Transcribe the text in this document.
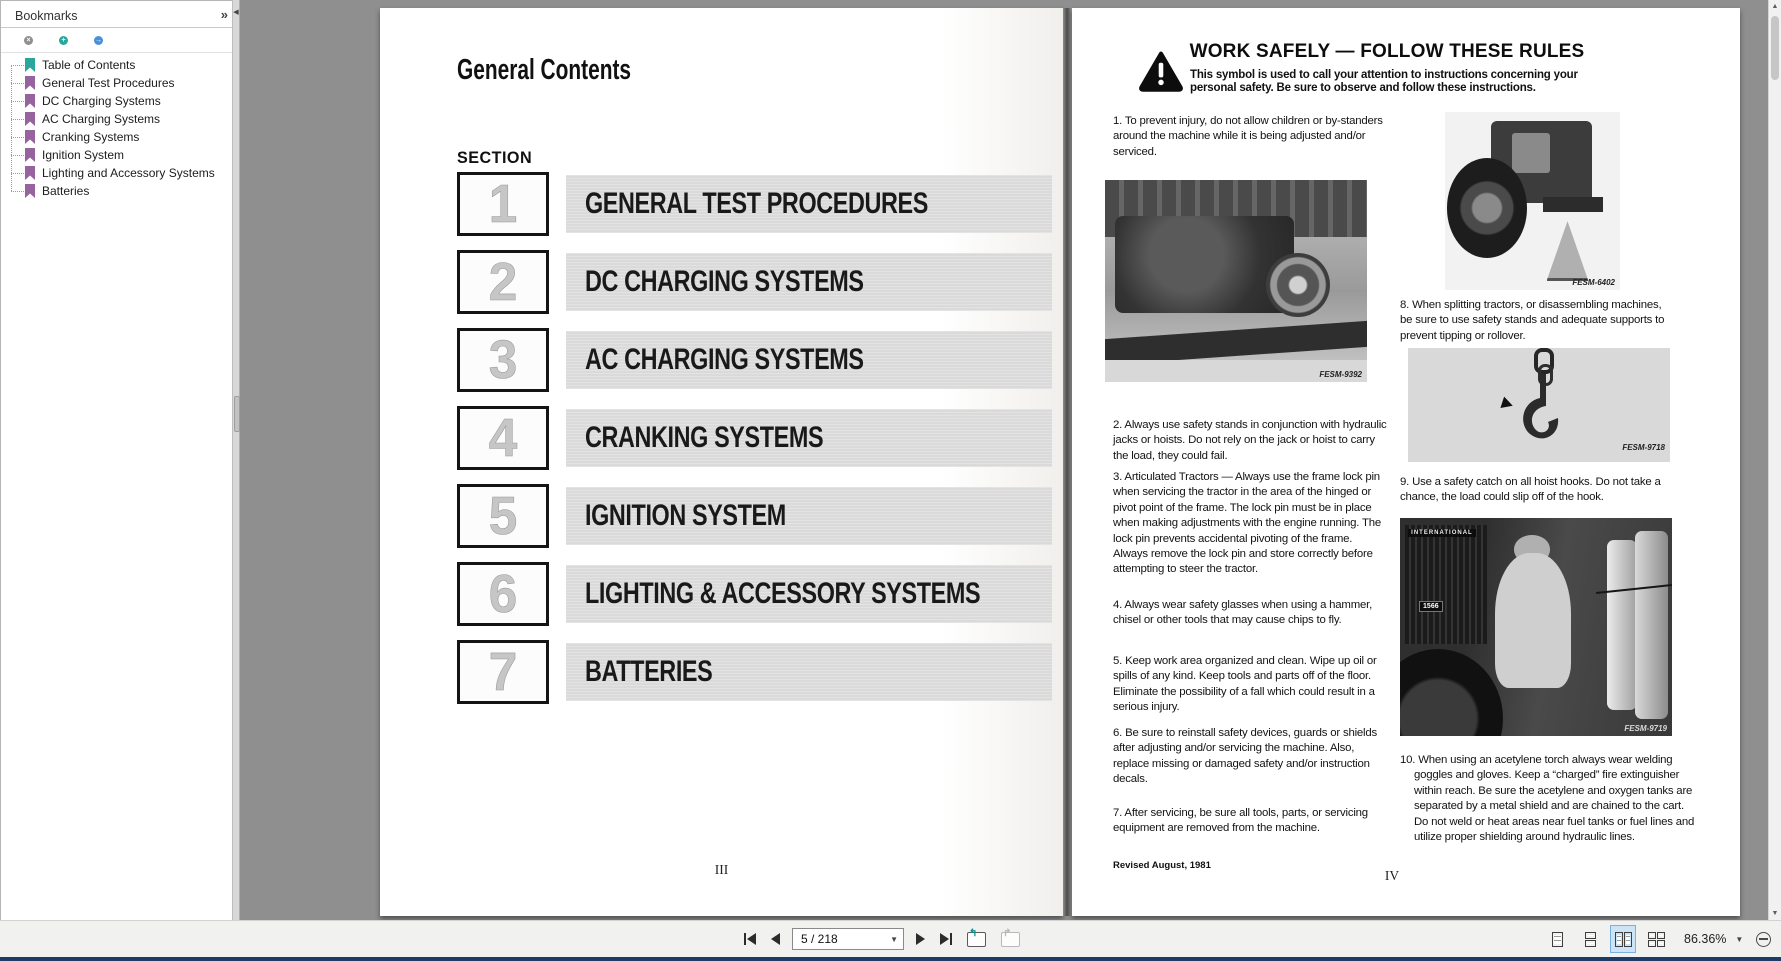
Bookmarks	»
×	+	→
Table of Contents
General Test Procedures
DC Charging Systems
AC Charging Systems
Cranking Systems
Ignition System
Lighting and Accessory Systems
Batteries
◀
General Contents
SECTION
1 GENERAL TEST PROCEDURES
2 DC CHARGING SYSTEMS
3 AC CHARGING SYSTEMS
4 CRANKING SYSTEMS
5 IGNITION SYSTEM
6 LIGHTING & ACCESSORY SYSTEMS
7 BATTERIES
III
WORK SAFELY — FOLLOW THESE RULES
This symbol is used to call your attention to instructions concerning your personal safety. Be sure to observe and follow these instructions.

1. To prevent injury, do not allow children or by-standers around the machine while it is being adjusted and/or serviced.

FESM-9392

2. Always use safety stands in conjunction with hydraulic jacks or hoists. Do not rely on the jack or hoist to carry the load, they could fail.

3. Articulated Tractors — Always use the frame lock pin when servicing the tractor in the area of the hinged or pivot point of the frame. The lock pin must be in place when making adjustments with the engine running. The lock pin prevents accidental pivoting of the frame. Always remove the lock pin and store correctly before attempting to steer the tractor.

4. Always wear safety glasses when using a hammer, chisel or other tools that may cause chips to fly.

5. Keep work area organized and clean. Wipe up oil or spills of any kind. Keep tools and parts off of the floor. Eliminate the possibility of a fall which could result in a serious injury.

6. Be sure to reinstall safety devices, guards or shields after adjusting and/or servicing the machine. Also, replace missing or damaged safety and/or instruction decals.

7. After servicing, be sure all tools, parts, or servicing equipment are removed from the machine.

Revised August, 1981
FESM-6402

8. When splitting tractors, or disassembling machines, be sure to use safety stands and adequate supports to prevent tipping or rollover.

FESM-9718

9. Use a safety catch on all hoist hooks. Do not take a chance, the load could slip off of the hook.

INTERNATIONAL
1566
FESM-9719

10. When using an acetylene torch always wear welding goggles and gloves. Keep a “charged” fire extinguisher within reach. Be sure the acetylene and oxygen tanks are separated by a metal shield and are chained to the cart. Do not weld or heat areas near fuel tanks or fuel lines and utilize proper shielding around hydraulic lines.

IV
▲
▼
5 / 218	▼
↰	↱	86.36% ▼
